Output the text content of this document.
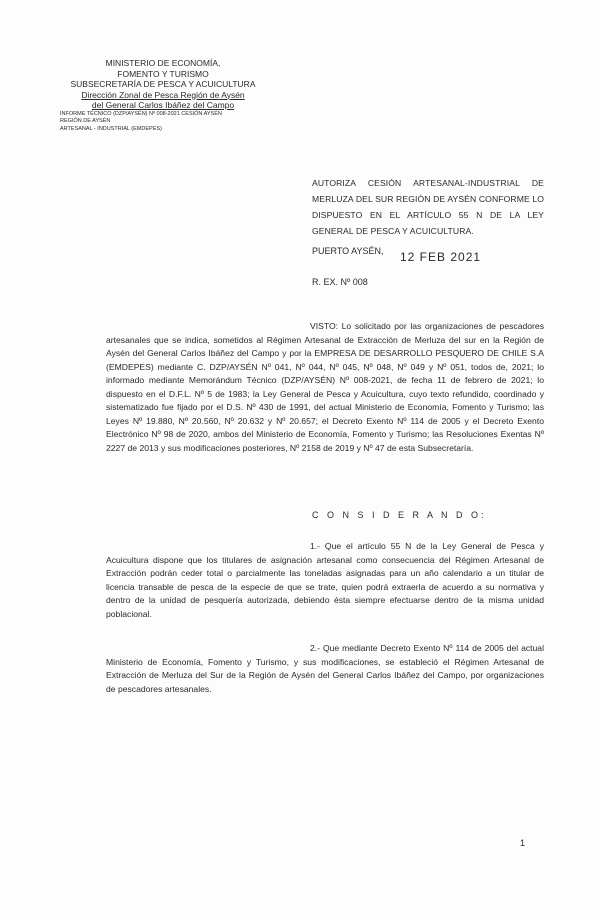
MINISTERIO DE ECONOMÍA,
FOMENTO Y TURISMO
SUBSECRETARÍA DE PESCA Y ACUICULTURA
Dirección Zonal de Pesca Región de Aysén
del General Carlos Ibáñez del Campo
INFORME TÉCNICO (DZP/AYSÉN) Nº 008-2021 CESIÓN AYSÉN
REGIÓN DE AYSÉN
ARTESANAL - INDUSTRIAL (EMDEPES)
AUTORIZA CESIÓN ARTESANAL-INDUSTRIAL DE MERLUZA DEL SUR REGIÓN DE AYSÉN CONFORME LO DISPUESTO EN EL ARTÍCULO 55 N DE LA LEY GENERAL DE PESCA Y ACUICULTURA.
PUERTO AYSÉN, 12 FEB 2021
R. EX. Nº 008
VISTO: Lo solicitado por las organizaciones de pescadores artesanales que se indica, sometidos al Régimen Artesanal de Extracción de Merluza del sur en la Región de Aysén del General Carlos Ibáñez del Campo y por la EMPRESA DE DESARROLLO PESQUERO DE CHILE S.A (EMDEPES) mediante C. DZP/AYSÉN Nº 041, Nº 044, Nº 045, Nº 048, Nº 049 y Nº 051, todos de, 2021; lo informado mediante Memorándum Técnico (DZP/AYSÉN) Nº 008-2021, de fecha 11 de febrero de 2021; lo dispuesto en el D.F.L. Nº 5 de 1983; la Ley General de Pesca y Acuicultura, cuyo texto refundido, coordinado y sistematizado fue fijado por el D.S. Nº 430 de 1991, del actual Ministerio de Economía, Fomento y Turismo; las Leyes Nº 19.880, Nº 20.560, Nº 20.632 y Nº 20.657; el Decreto Exento Nº 114 de 2005 y el Decreto Exento Electrónico Nº 98 de 2020, ambos del Ministerio de Economía, Fomento y Turismo; las Resoluciones Exentas Nº 2227 de 2013 y sus modificaciones posteriores, Nº 2158 de 2019 y Nº 47 de esta Subsecretaría.
C O N S I D E R A N D O:
1.- Que el artículo 55 N de la Ley General de Pesca y Acuicultura dispone que los titulares de asignación artesanal como consecuencia del Régimen Artesanal de Extracción podrán ceder total o parcialmente las toneladas asignadas para un año calendario a un titular de licencia transable de pesca de la especie de que se trate, quien podrá extraerla de acuerdo a su normativa y dentro de la unidad de pesquería autorizada, debiendo ésta siempre efectuarse dentro de la misma unidad poblacional.
2.- Que mediante Decreto Exento Nº 114 de 2005 del actual Ministerio de Economía, Fomento y Turismo, y sus modificaciones, se estableció el Régimen Artesanal de Extracción de Merluza del Sur de la Región de Aysén del General Carlos Ibáñez del Campo, por organizaciones de pescadores artesanales.
1
